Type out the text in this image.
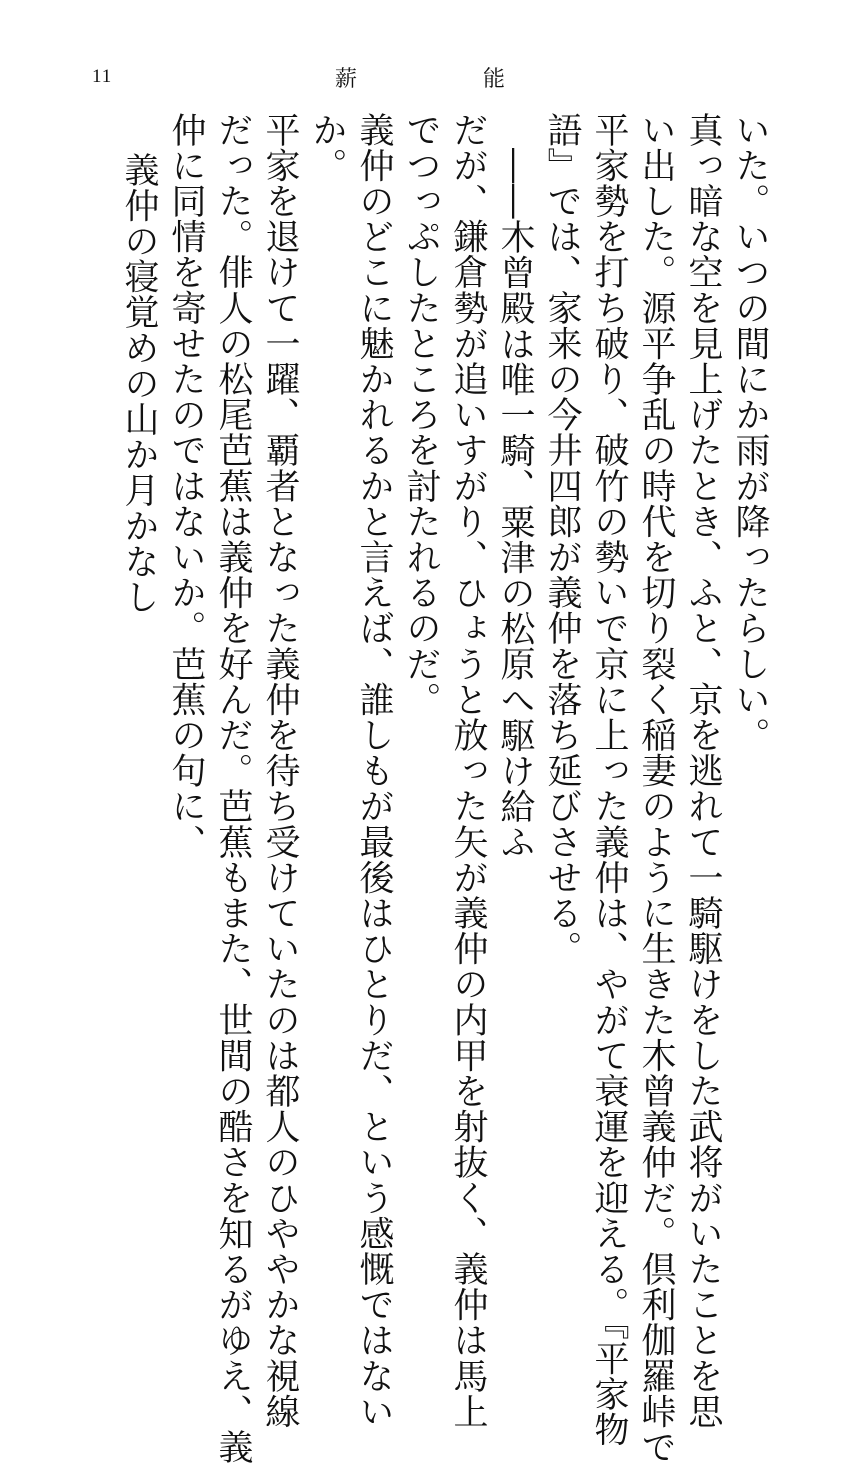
11	薪	能
いた。いつの間にか雨が降ったらしい。
真っ暗な空を見上げたとき、ふと、京を逃れて一騎駆けをした武将がいたことを思
い出した。源平争乱の時代を切り裂く稲妻のように生きた木曾義仲だ。倶利伽羅峠で
平家勢を打ち破り、破竹の勢いで京に上った義仲は、やがて衰運を迎える。『平家物
語』では、家来の今井四郎が義仲を落ち延びさせる。
――木曾殿は唯一騎、粟津の松原へ駆け給ふ
だが、鎌倉勢が追いすがり、ひょうと放った矢が義仲の内甲を射抜く、義仲は馬上
でつっぷしたところを討たれるのだ。
義仲のどこに魅かれるかと言えば、誰しもが最後はひとりだ、という感慨ではない
か。
平家を退けて一躍、覇者となった義仲を待ち受けていたのは都人のひややかな視線
だった。俳人の松尾芭蕉は義仲を好んだ。芭蕉もまた、世間の酷さを知るがゆえ、義
仲に同情を寄せたのではないか。芭蕉の句に、
義仲の寝覚めの山か月かなし
